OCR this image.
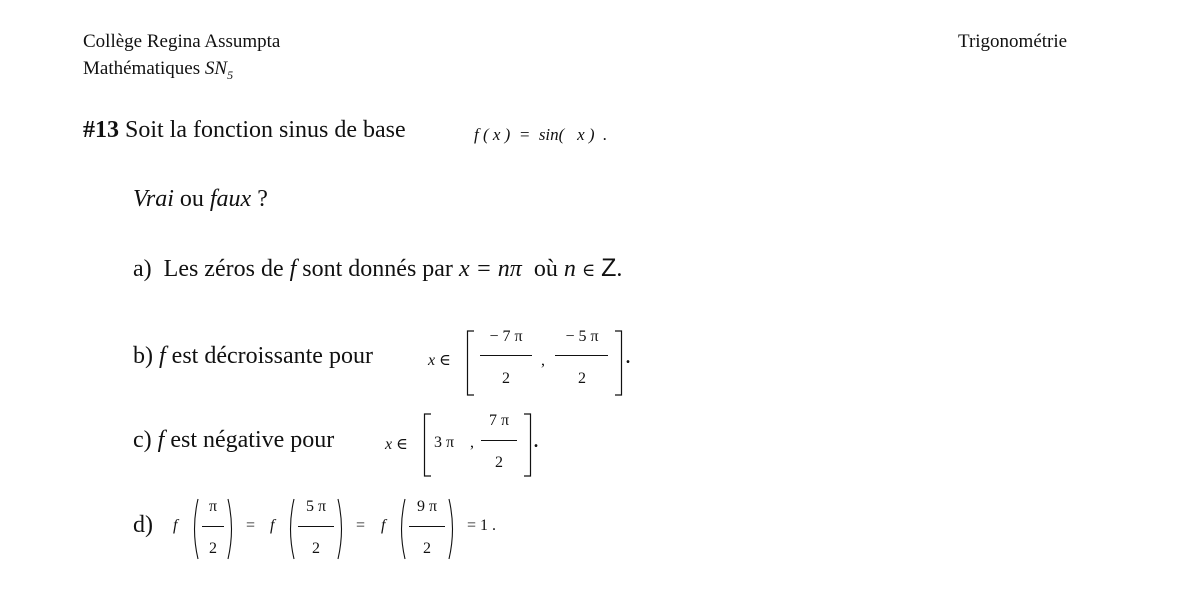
Collège Regina Assumpta
Mathématiques $SN_5$
Trigonométrie
#13 Soit la fonction sinus de base	f ( x )  =  sin(   x )  .
Vrai ou faux ?
a) Les zéros de f sont donnés par x = nπ où n ∈ Z.
b) f est décroissante pour	x ∈
− 7 π
2
,
− 5 π
2
.
c) f est négative pour	x ∈ 3 π ,
7 π
2
.
d) f
π
2
= f
5 π
2
= f
9 π
2
= 1 .
